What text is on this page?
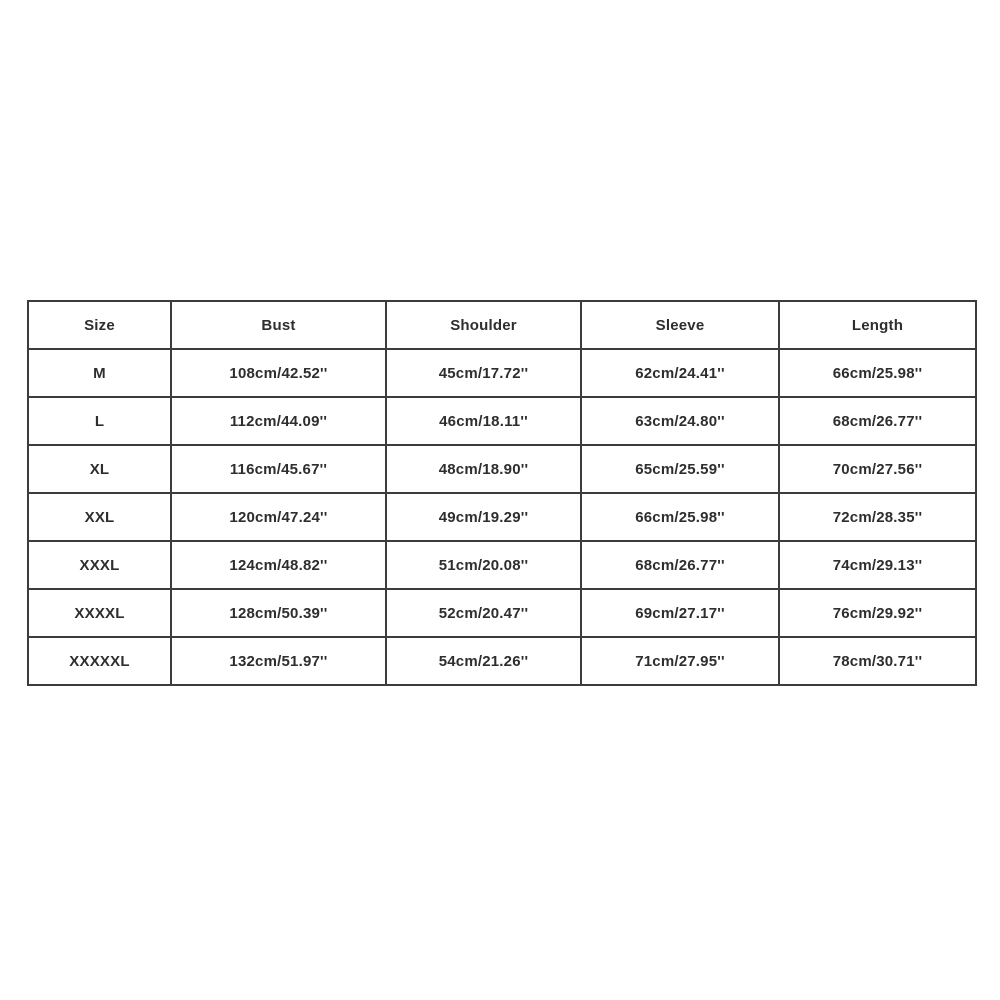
Size	Bust	Shoulder	Sleeve	Length
M	108cm/42.52''	45cm/17.72''	62cm/24.41''	66cm/25.98''
L	112cm/44.09''	46cm/18.11''	63cm/24.80''	68cm/26.77''
XL	116cm/45.67''	48cm/18.90''	65cm/25.59''	70cm/27.56''
XXL	120cm/47.24''	49cm/19.29''	66cm/25.98''	72cm/28.35''
XXXL	124cm/48.82''	51cm/20.08''	68cm/26.77''	74cm/29.13''
XXXXL	128cm/50.39''	52cm/20.47''	69cm/27.17''	76cm/29.92''
XXXXXL	132cm/51.97''	54cm/21.26''	71cm/27.95''	78cm/30.71''
